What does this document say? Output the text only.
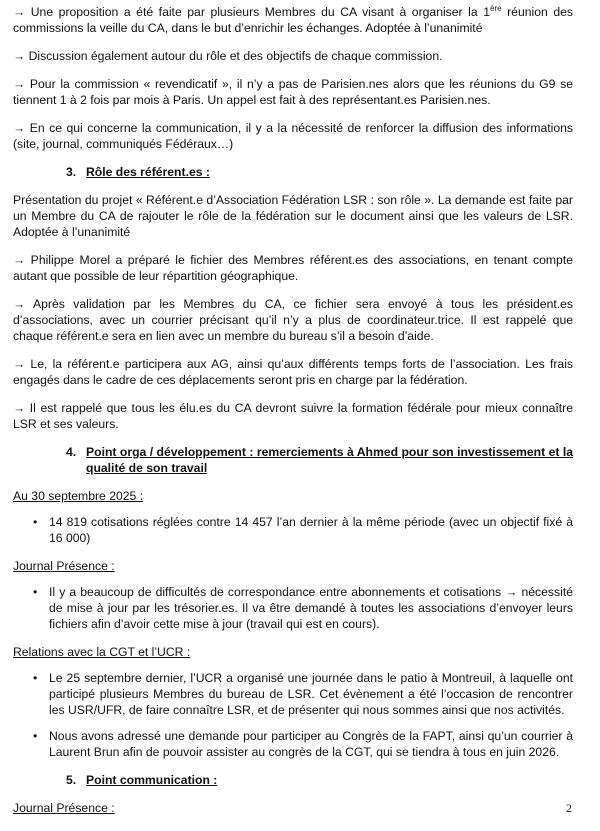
→ Une proposition a été faite par plusieurs Membres du CA visant à organiser la 1ère réunion des commissions la veille du CA, dans le but d’enrichir les échanges. Adoptée à l’unanimité

→ Discussion également autour du rôle et des objectifs de chaque commission.

→ Pour la commission « revendicatif », il n’y a pas de Parisien.nes alors que les réunions du G9 se tiennent 1 à 2 fois par mois à Paris. Un appel est fait à des représentant.es Parisien.nes.

→ En ce qui concerne la communication, il y a la nécessité de renforcer la diffusion des informations (site, journal, communiqués Fédéraux…)

3. Rôle des référent.es :

Présentation du projet « Référent.e d’Association Fédération LSR : son rôle ». La demande est faite par un Membre du CA de rajouter le rôle de la fédération sur le document ainsi que les valeurs de LSR. Adoptée à l’unanimité

→ Philippe Morel a préparé le fichier des Membres référent.es des associations, en tenant compte autant que possible de leur répartition géographique.

→ Après validation par les Membres du CA, ce fichier sera envoyé à tous les président.es d’associations, avec un courrier précisant qu’il n’y a plus de coordinateur.trice. Il est rappelé que chaque référent.e sera en lien avec un membre du bureau s’il a besoin d’aide.

→ Le, la référent.e participera aux AG, ainsi qu’aux différents temps forts de l’association. Les frais engagés dans le cadre de ces déplacements seront pris en charge par la fédération.

→ Il est rappelé que tous les élu.es du CA devront suivre la formation fédérale pour mieux connaître LSR et ses valeurs.

4. Point orga / développement : remerciements à Ahmed pour son investissement et la qualité de son travail
Au 30 septembre 2025 :
• 14 819 cotisations réglées contre 14 457 l’an dernier à la même période (avec un objectif fixé à 16 000)
Journal Présence :
• Il y a beaucoup de difficultés de correspondance entre abonnements et cotisations → nécessité de mise à jour par les trésorier.es. Il va être demandé à toutes les associations d’envoyer leurs fichiers afin d’avoir cette mise à jour (travail qui est en cours).
Relations avec la CGT et l’UCR :
• Le 25 septembre dernier, l’UCR a organisé une journée dans le patio à Montreuil, à laquelle ont participé plusieurs Membres du bureau de LSR. Cet évènement a été l’occasion de rencontrer les USR/UFR, de faire connaître LSR, et de présenter qui nous sommes ainsi que nos activités.
• Nous avons adressé une demande pour participer au Congrès de la FAPT, ainsi qu’un courrier à Laurent Brun afin de pouvoir assister au congrès de la CGT, qui se tiendra à tous en juin 2026.
5. Point communication :
Journal Présence :	2
